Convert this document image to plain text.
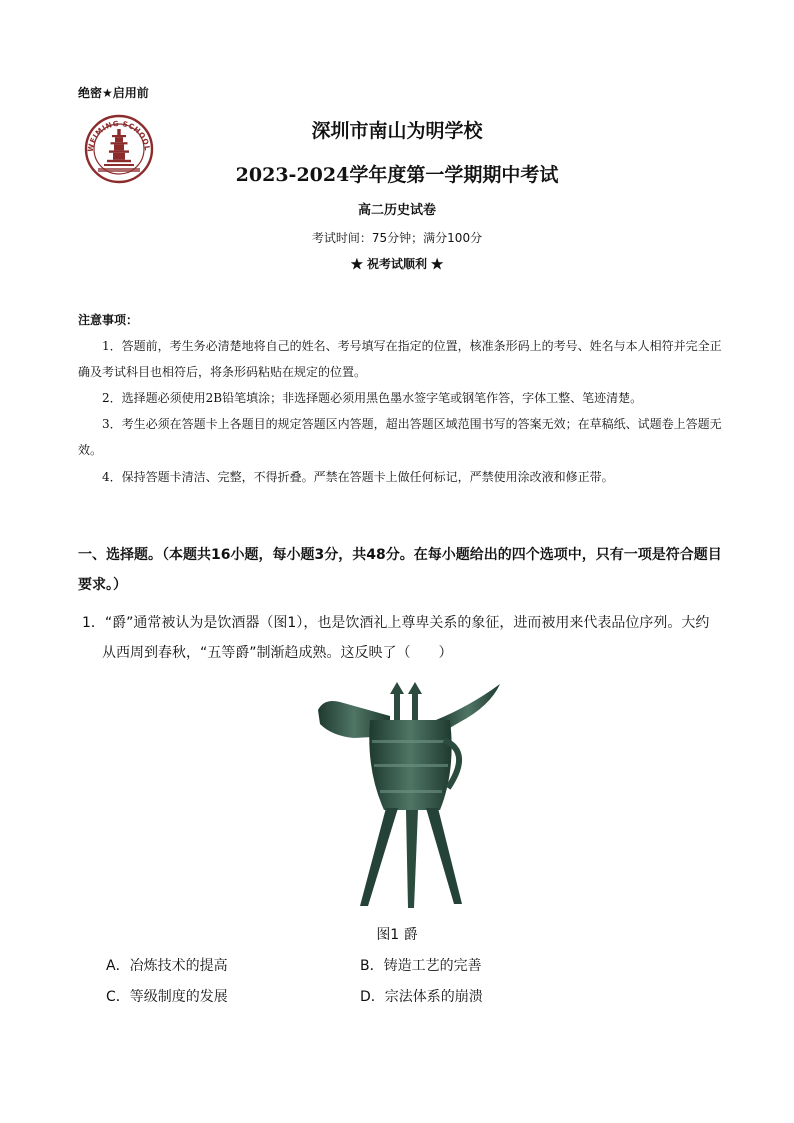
绝密★启用前
WEIMING SCHOOL
深圳市南山为明学校
2023-2024学年度第一学期期中考试
高二历史试卷
考试时间：75分钟；满分100分
★ 祝考试顺利 ★
注意事项：

1．答题前，考生务必清楚地将自己的姓名、考号填写在指定的位置，核准条形码上的考号、姓名与本人相符并完全正确及考试科目也相符后，将条形码粘贴在规定的位置。

2．选择题必须使用2B铅笔填涂；非选择题必须用黑色墨水签字笔或钢笔作答，字体工整、笔迹清楚。

3．考生必须在答题卡上各题目的规定答题区内答题，超出答题区域范围书写的答案无效；在草稿纸、试题卷上答题无效。

4．保持答题卡清洁、完整，不得折叠。严禁在答题卡上做任何标记，严禁使用涂改液和修正带。

一、选择题。（本题共16小题，每小题3分，共48分。在每小题给出的四个选项中，只有一项是符合题目要求。）
1．“爵”通常被认为是饮酒器（图1），也是饮酒礼上尊卑关系的象征，进而被用来代表品位序列。大约
从西周到春秋，“五等爵”制渐趋成熟。这反映了（　　）
图1 爵
A．冶炼技术的提高	B．铸造工艺的完善
C．等级制度的发展	D．宗法体系的崩溃
